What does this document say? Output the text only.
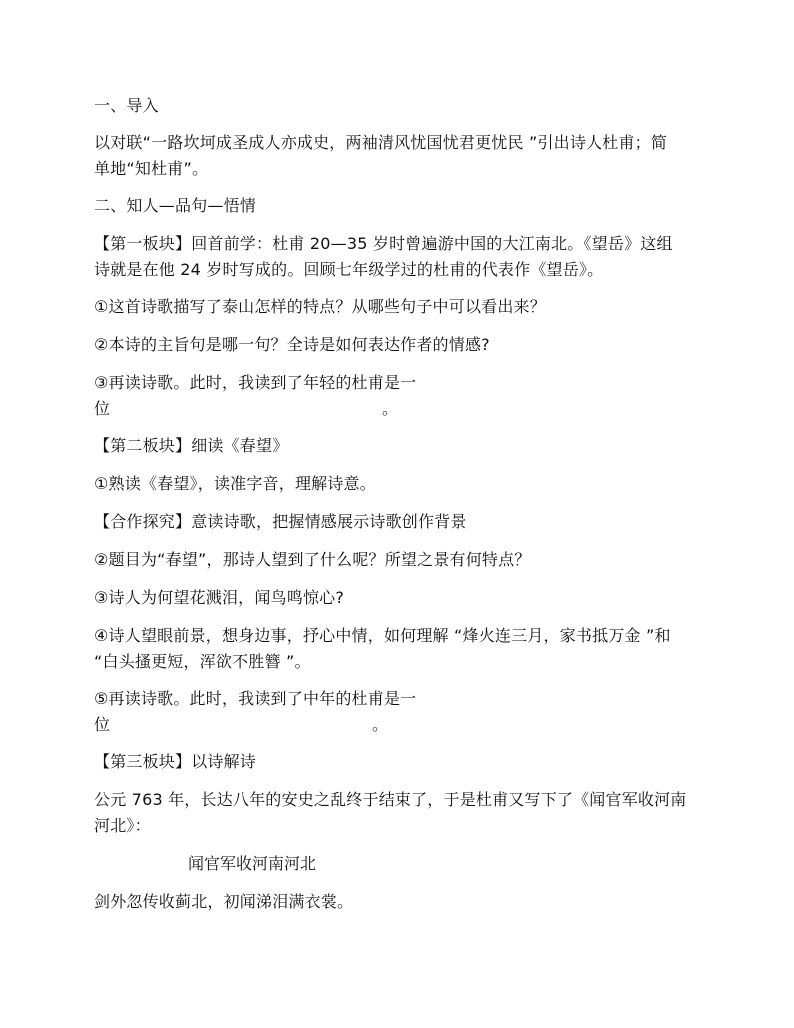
一、导入
以对联“一路坎坷成圣成人亦成史，两袖清风忧国忧君更忧民 ”引出诗人杜甫；简
单地“知杜甫”。
二、知人—品句—悟情
【第一板块】回首前学：杜甫 20—35 岁时曾遍游中国的大江南北。《望岳》这组
诗就是在他 24 岁时写成的。回顾七年级学过的杜甫的代表作《望岳》。
①这首诗歌描写了泰山怎样的特点？从哪些句子中可以看出来？
②本诗的主旨句是哪一句？全诗是如何表达作者的情感?
③再读诗歌。此时，我读到了年轻的杜甫是一
位	。
【第二板块】细读《春望》
①熟读《春望》，读准字音，理解诗意。
【合作探究】意读诗歌，把握情感展示诗歌创作背景
②题目为“春望”，那诗人望到了什么呢？所望之景有何特点？
③诗人为何望花溅泪，闻鸟鸣惊心?
④诗人望眼前景，想身边事，抒心中情，如何理解 “烽火连三月，家书抵万金 ”和
“白头搔更短，浑欲不胜簪 ”。
⑤再读诗歌。此时，我读到了中年的杜甫是一
位	。
【第三板块】以诗解诗
公元 763 年，长达八年的安史之乱终于结束了，于是杜甫又写下了《闻官军收河南
河北》：
闻官军收河南河北
剑外忽传收蓟北，初闻涕泪满衣裳。
